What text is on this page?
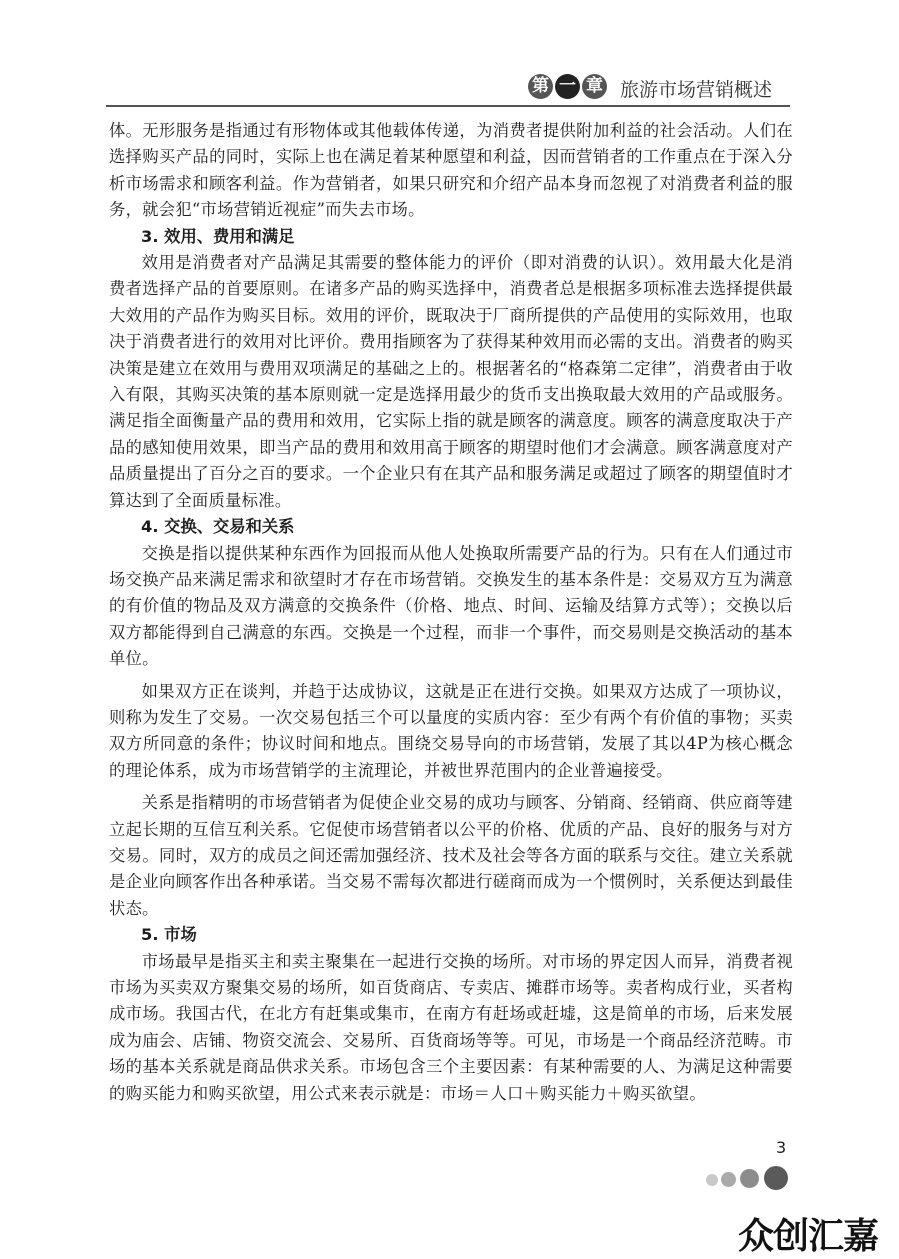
第 一 章 旅游市场营销概述

体。无形服务是指通过有形物体或其他载体传递，为消费者提供附加利益的社会活动。人们在选择购买产品的同时，实际上也在满足着某种愿望和利益，因而营销者的工作重点在于深入分析市场需求和顾客利益。作为营销者，如果只研究和介绍产品本身而忽视了对消费者利益的服务，就会犯“市场营销近视症”而失去市场。

3. 效用、费用和满足

效用是消费者对产品满足其需要的整体能力的评价（即对消费的认识）。效用最大化是消费者选择产品的首要原则。在诸多产品的购买选择中，消费者总是根据多项标准去选择提供最大效用的产品作为购买目标。效用的评价，既取决于厂商所提供的产品使用的实际效用，也取决于消费者进行的效用对比评价。费用指顾客为了获得某种效用而必需的支出。消费者的购买决策是建立在效用与费用双项满足的基础之上的。根据著名的“格森第二定律”，消费者由于收入有限，其购买决策的基本原则就一定是选择用最少的货币支出换取最大效用的产品或服务。满足指全面衡量产品的费用和效用，它实际上指的就是顾客的满意度。顾客的满意度取决于产品的感知使用效果，即当产品的费用和效用高于顾客的期望时他们才会满意。顾客满意度对产品质量提出了百分之百的要求。一个企业只有在其产品和服务满足或超过了顾客的期望值时才算达到了全面质量标准。

4. 交换、交易和关系

交换是指以提供某种东西作为回报而从他人处换取所需要产品的行为。只有在人们通过市场交换产品来满足需求和欲望时才存在市场营销。交换发生的基本条件是：交易双方互为满意的有价值的物品及双方满意的交换条件（价格、地点、时间、运输及结算方式等）；交换以后双方都能得到自己满意的东西。交换是一个过程，而非一个事件，而交易则是交换活动的基本单位。

如果双方正在谈判，并趋于达成协议，这就是正在进行交换。如果双方达成了一项协议，则称为发生了交易。一次交易包括三个可以量度的实质内容：至少有两个有价值的事物；买卖双方所同意的条件；协议时间和地点。围绕交易导向的市场营销，发展了其以4P为核心概念的理论体系，成为市场营销学的主流理论，并被世界范围内的企业普遍接受。

关系是指精明的市场营销者为促使企业交易的成功与顾客、分销商、经销商、供应商等建立起长期的互信互利关系。它促使市场营销者以公平的价格、优质的产品、良好的服务与对方交易。同时，双方的成员之间还需加强经济、技术及社会等各方面的联系与交往。建立关系就是企业向顾客作出各种承诺。当交易不需每次都进行磋商而成为一个惯例时，关系便达到最佳状态。

5. 市场

市场最早是指买主和卖主聚集在一起进行交换的场所。对市场的界定因人而异，消费者视市场为买卖双方聚集交易的场所，如百货商店、专卖店、摊群市场等。卖者构成行业，买者构成市场。我国古代，在北方有赶集或集市，在南方有赶场或赶墟，这是简单的市场，后来发展成为庙会、店铺、物资交流会、交易所、百货商场等等。可见，市场是一个商品经济范畴。市场的基本关系就是商品供求关系。市场包含三个主要因素：有某种需要的人、为满足这种需要的购买能力和购买欲望，用公式来表示就是：市场＝人口＋购买能力＋购买欲望。

3
众创汇嘉
